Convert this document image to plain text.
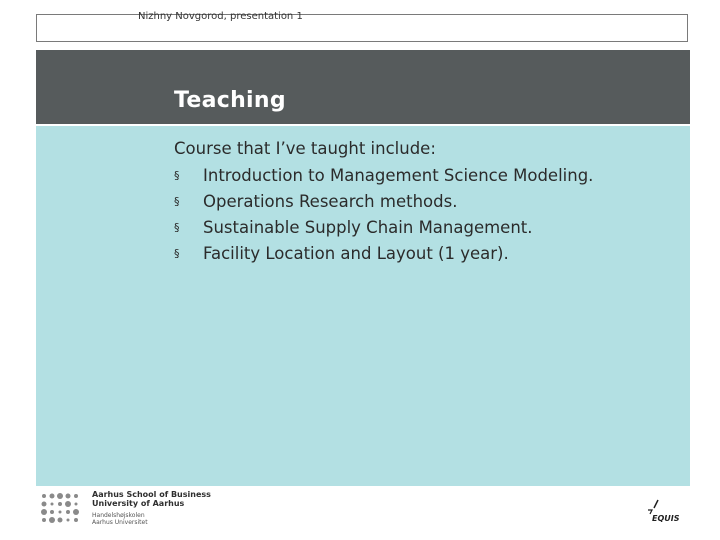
Nizhny Novgorod, presentation 1
Teaching
Course that I’ve taught include:
§ Introduction to Management Science Modeling.
§ Operations Research methods.
§ Sustainable Supply Chain Management.
§ Facility Location and Layout (1 year).
Aarhus School of Business
University of Aarhus
Handelshøjskolen
Aarhus Universitet	EQUIS
